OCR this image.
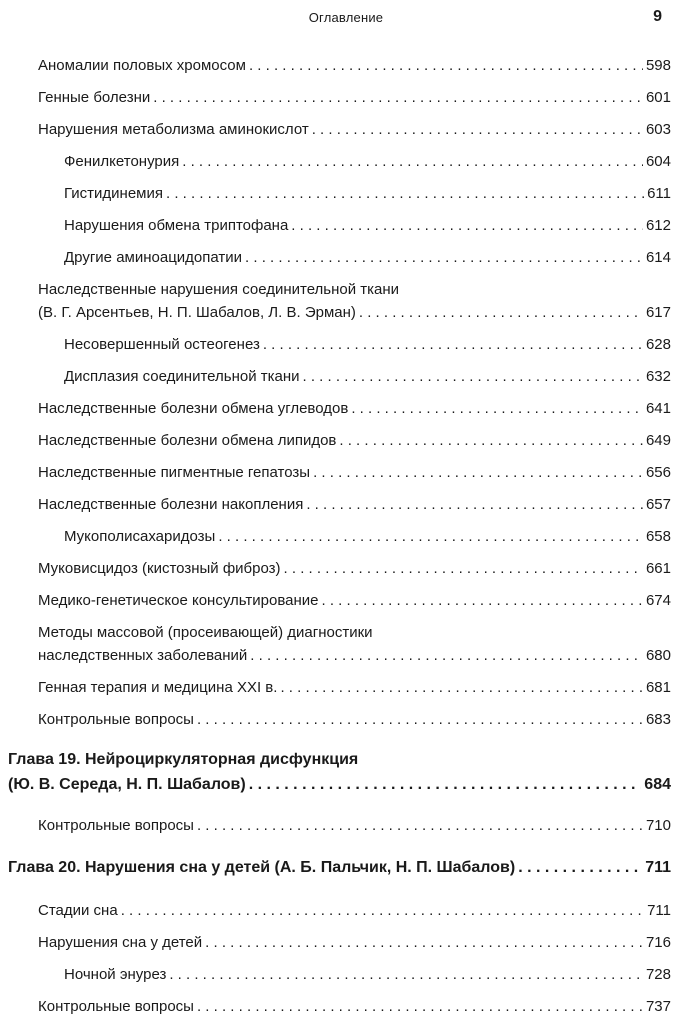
Оглавление	9
Аномалии половых хромосом . . .	598
Генные болезни . . .	601
Нарушения метаболизма аминокислот . . .	603
Фенилкетонурия . . .	604
Гистидинемия . . .	611
Нарушения обмена триптофана . . .	612
Другие аминоацидопатии . . .	614
Наследственные нарушения соединительной ткани
(В. Г. Арсентьев, Н. П. Шабалов, Л. В. Эрман) . . .	617
Несовершенный остеогенез . . .	628
Дисплазия соединительной ткани . . .	632
Наследственные болезни обмена углеводов . . .	641
Наследственные болезни обмена липидов . . .	649
Наследственные пигментные гепатозы . . .	656
Наследственные болезни накопления . . .	657
Мукополисахаридозы . . .	658
Муковисцидоз (кистозный фиброз) . . .	661
Медико-генетическое консультирование . . .	674
Методы массовой (просеивающей) диагностики
наследственных заболеваний . . .	680
Генная терапия и медицина XXI в. . . .	681
Контрольные вопросы . . .	683
Глава 19. Нейроциркуляторная дисфункция
(Ю. В. Середа, Н. П. Шабалов) . . .	684
Контрольные вопросы . . .	710
Глава 20. Нарушения сна у детей (А. Б. Пальчик, Н. П. Шабалов) . . .	711
Стадии сна . . .	711
Нарушения сна у детей . . .	716
Ночной энурез . . .	728
Контрольные вопросы . . .	737
